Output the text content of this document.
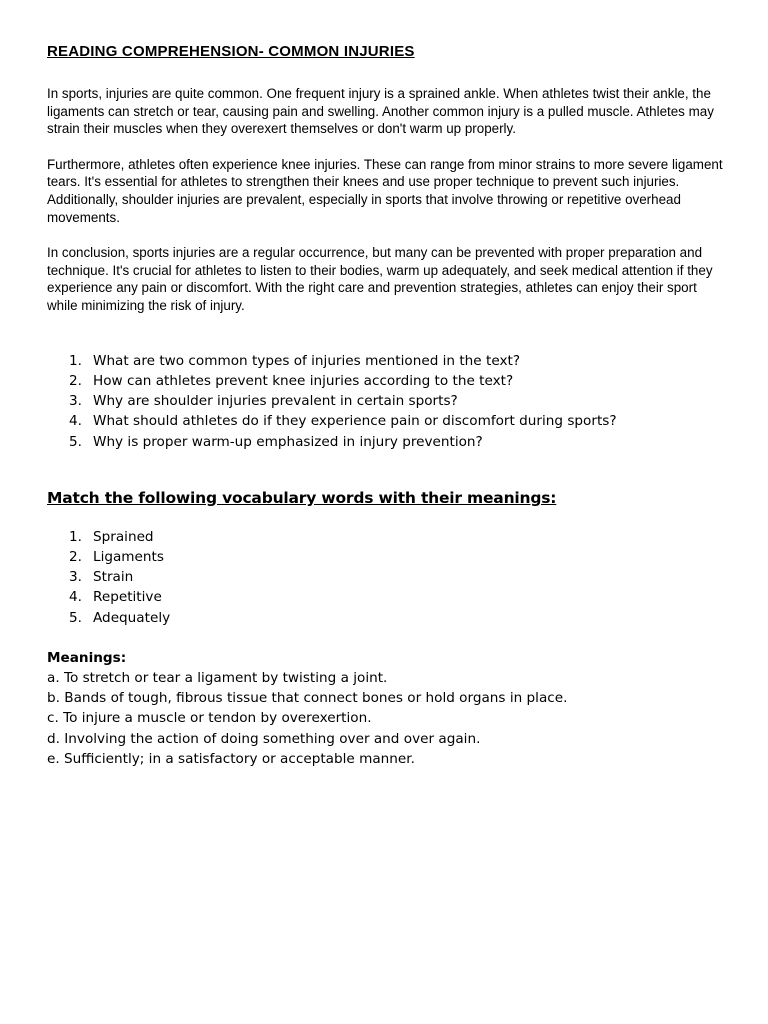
READING COMPREHENSION- COMMON INJURIES

In sports, injuries are quite common. One frequent injury is a sprained ankle. When athletes twist their ankle, the ligaments can stretch or tear, causing pain and swelling. Another common injury is a pulled muscle. Athletes may strain their muscles when they overexert themselves or don't warm up properly.

Furthermore, athletes often experience knee injuries. These can range from minor strains to more severe ligament tears. It's essential for athletes to strengthen their knees and use proper technique to prevent such injuries. Additionally, shoulder injuries are prevalent, especially in sports that involve throwing or repetitive overhead movements.

In conclusion, sports injuries are a regular occurrence, but many can be prevented with proper preparation and technique. It's crucial for athletes to listen to their bodies, warm up adequately, and seek medical attention if they experience any pain or discomfort. With the right care and prevention strategies, athletes can enjoy their sport while minimizing the risk of injury.

1. What are two common types of injuries mentioned in the text?
2. How can athletes prevent knee injuries according to the text?
3. Why are shoulder injuries prevalent in certain sports?
4. What should athletes do if they experience pain or discomfort during sports?
5. Why is proper warm-up emphasized in injury prevention?
Match the following vocabulary words with their meanings:
1. Sprained
2. Ligaments
3. Strain
4. Repetitive
5. Adequately
Meanings:
a. To stretch or tear a ligament by twisting a joint.
b. Bands of tough, fibrous tissue that connect bones or hold organs in place.
c. To injure a muscle or tendon by overexertion.
d. Involving the action of doing something over and over again.
e. Sufficiently; in a satisfactory or acceptable manner.
